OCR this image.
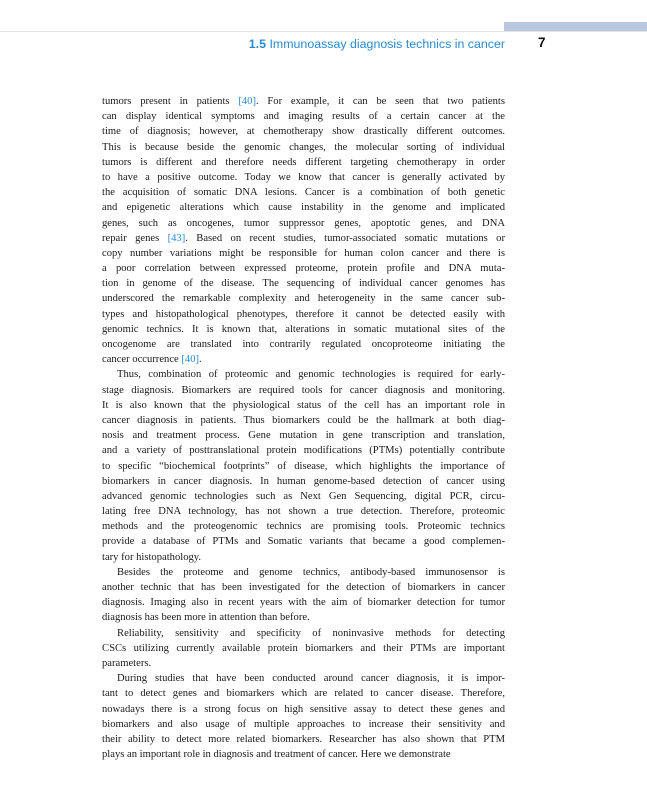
1.5 Immunoassay diagnosis technics in cancer 7
tumors present in patients [40]. For example, it can be seen that two patients
can display identical symptoms and imaging results of a certain cancer at the
time of diagnosis; however, at chemotherapy show drastically different outcomes.
This is because beside the genomic changes, the molecular sorting of individual
tumors is different and therefore needs different targeting chemotherapy in order
to have a positive outcome. Today we know that cancer is generally activated by
the acquisition of somatic DNA lesions. Cancer is a combination of both genetic
and epigenetic alterations which cause instability in the genome and implicated
genes, such as oncogenes, tumor suppressor genes, apoptotic genes, and DNA
repair genes [43]. Based on recent studies, tumor-associated somatic mutations or
copy number variations might be responsible for human colon cancer and there is
a poor correlation between expressed proteome, protein profile and DNA muta-
tion in genome of the disease. The sequencing of individual cancer genomes has
underscored the remarkable complexity and heterogeneity in the same cancer sub-
types and histopathological phenotypes, therefore it cannot be detected easily with
genomic technics. It is known that, alterations in somatic mutational sites of the
oncogenome are translated into contrarily regulated oncoproteome initiating the
cancer occurrence [40].
Thus, combination of proteomic and genomic technologies is required for early-
stage diagnosis. Biomarkers are required tools for cancer diagnosis and monitoring.
It is also known that the physiological status of the cell has an important role in
cancer diagnosis in patients. Thus biomarkers could be the hallmark at both diag-
nosis and treatment process. Gene mutation in gene transcription and translation,
and a variety of posttranslational protein modifications (PTMs) potentially contribute
to specific “biochemical footprints” of disease, which highlights the importance of
biomarkers in cancer diagnosis. In human genome-based detection of cancer using
advanced genomic technologies such as Next Gen Sequencing, digital PCR, circu-
lating free DNA technology, has not shown a true detection. Therefore, proteomic
methods and the proteogenomic technics are promising tools. Proteomic technics
provide a database of PTMs and Somatic variants that became a good complemen-
tary for histopathology.
Besides the proteome and genome technics, antibody-based immunosensor is
another technic that has been investigated for the detection of biomarkers in cancer
diagnosis. Imaging also in recent years with the aim of biomarker detection for tumor
diagnosis has been more in attention than before.
Reliability, sensitivity and specificity of noninvasive methods for detecting
CSCs utilizing currently available protein biomarkers and their PTMs are important
parameters.
During studies that have been conducted around cancer diagnosis, it is impor-
tant to detect genes and biomarkers which are related to cancer disease. Therefore,
nowadays there is a strong focus on high sensitive assay to detect these genes and
biomarkers and also usage of multiple approaches to increase their sensitivity and
their ability to detect more related biomarkers. Researcher has also shown that PTM
plays an important role in diagnosis and treatment of cancer. Here we demonstrate
